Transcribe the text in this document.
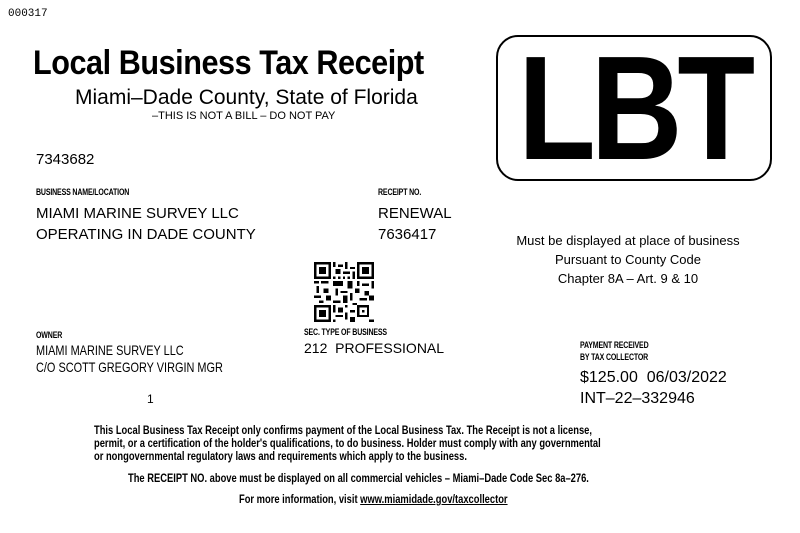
000317
Local Business Tax Receipt
Miami–Dade County, State of Florida
–THIS IS NOT A BILL – DO NOT PAY LBT
7343682
BUSINESS NAME/LOCATION
MIAMI MARINE SURVEY LLC
OPERATING IN DADE COUNTY
RECEIPT NO.
RENEWAL
7636417	Must be displayed at place of business
Pursuant to County Code
Chapter 8A – Art. 9 & 10
OWNER
MIAMI MARINE SURVEY LLC
C/O SCOTT GREGORY VIRGIN MGR
SEC. TYPE OF BUSINESS
212  PROFESSIONAL	PAYMENT RECEIVED
BY TAX COLLECTOR
$125.00  06/03/2022
INT–22–332946
1
This Local Business Tax Receipt only confirms payment of the Local Business Tax. The Receipt is not a license,
permit, or a certification of the holder's qualifications, to do business. Holder must comply with any governmental
or nongovernmental regulatory laws and requirements which apply to the business.
The RECEIPT NO. above must be displayed on all commercial vehicles – Miami–Dade Code Sec 8a–276.
For more information, visit www.miamidade.gov/taxcollector
